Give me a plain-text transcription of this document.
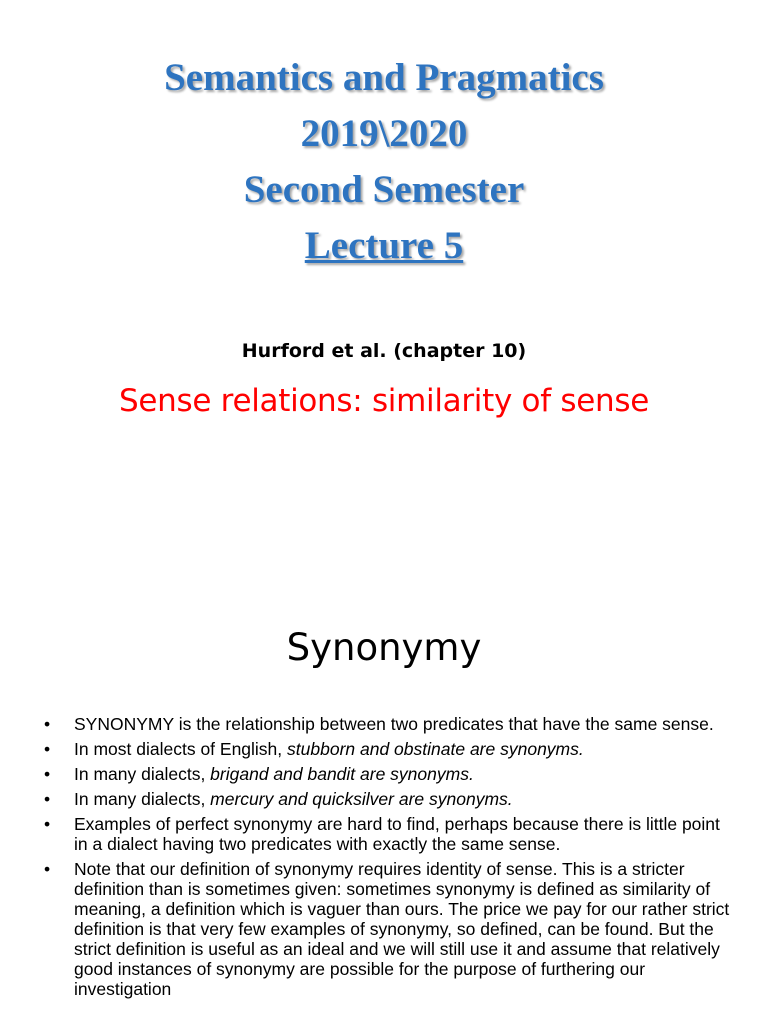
Semantics and Pragmatics
2019\2020
Second Semester
Lecture 5
Hurford et al. (chapter 10)
Sense relations: similarity of sense
Synonymy
• SYNONYMY is the relationship between two predicates that have the same sense.
• In most dialects of English, stubborn and obstinate are synonyms.
• In many dialects, brigand and bandit are synonyms.
• In many dialects, mercury and quicksilver are synonyms.
• Examples of perfect synonymy are hard to find, perhaps because there is little point in a dialect having two predicates with exactly the same sense.
• Note that our definition of synonymy requires identity of sense. This is a stricter definition than is sometimes given: sometimes synonymy is defined as similarity of meaning, a definition which is vaguer than ours. The price we pay for our rather strict definition is that very few examples of synonymy, so defined, can be found. But the strict definition is useful as an ideal and we will still use it and assume that relatively good instances of synonymy are possible for the purpose of furthering our investigation
